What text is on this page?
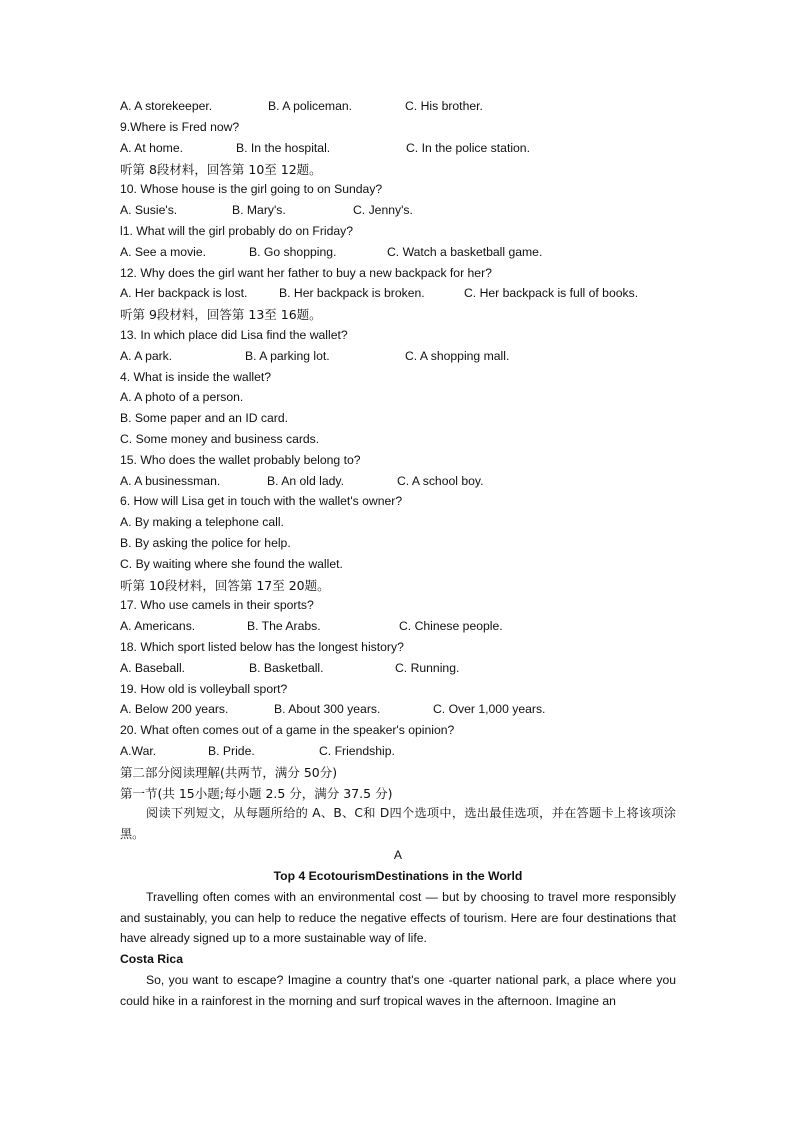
A. A storekeeper.	B. A policeman.	C. His brother.
9.Where is Fred now?
A. At home.	B. In the hospital.	C. In the police station.
听第 8段材料，回答第 10至 12题。
10. Whose house is the girl going to on Sunday?
A. Susie's.	B. Mary's.	C. Jenny's.
l1. What will the girl probably do on Friday?
A. See a movie.	B. Go shopping.	C. Watch a basketball game.
12. Why does the girl want her father to buy a new backpack for her?
A. Her backpack is lost.	B. Her backpack is broken.	C. Her backpack is full of books.
听第 9段材料，回答第 13至 16题。
13. In which place did Lisa find the wallet?
A. A park.	B. A parking lot.	C. A shopping mall.
4. What is inside the wallet?
A. A photo of a person.
B. Some paper and an ID card.
C. Some money and business cards.
15. Who does the wallet probably belong to?
A. A businessman.	B. An old lady.	C. A school boy.
6. How will Lisa get in touch with the wallet's owner?
A. By making a telephone call.
B. By asking the police for help.
C. By waiting where she found the wallet.
听第 10段材料，回答第 17至 20题。
17. Who use camels in their sports?
A. Americans.	B. The Arabs.	C. Chinese people.
18. Which sport listed below has the longest history?
A. Baseball.	B. Basketball.	C. Running.
19. How old is volleyball sport?
A. Below 200 years.	B. About 300 years.	C. Over 1,000 years.
20. What often comes out of a game in the speaker's opinion?
A.War.	B. Pride.	C. Friendship.
第二部分阅读理解(共两节，满分 50分)
第一节(共 15小题;每小题 2.5 分，满分 37.5 分)
阅读下列短文，从每题所给的 A、B、C和 D四个选项中，选出最佳选项，并在答题卡上将该项涂黑。
A
Top 4 EcotourismDestinations in the World
Travelling often comes with an environmental cost — but by choosing to travel more responsibly and sustainably, you can help to reduce the negative effects of tourism. Here are four destinations that have already signed up to a more sustainable way of life.
Costa Rica
So, you want to escape? Imagine a country that's one -quarter national park, a place where you could hike in a rainforest in the morning and surf tropical waves in the afternoon. Imagine an
